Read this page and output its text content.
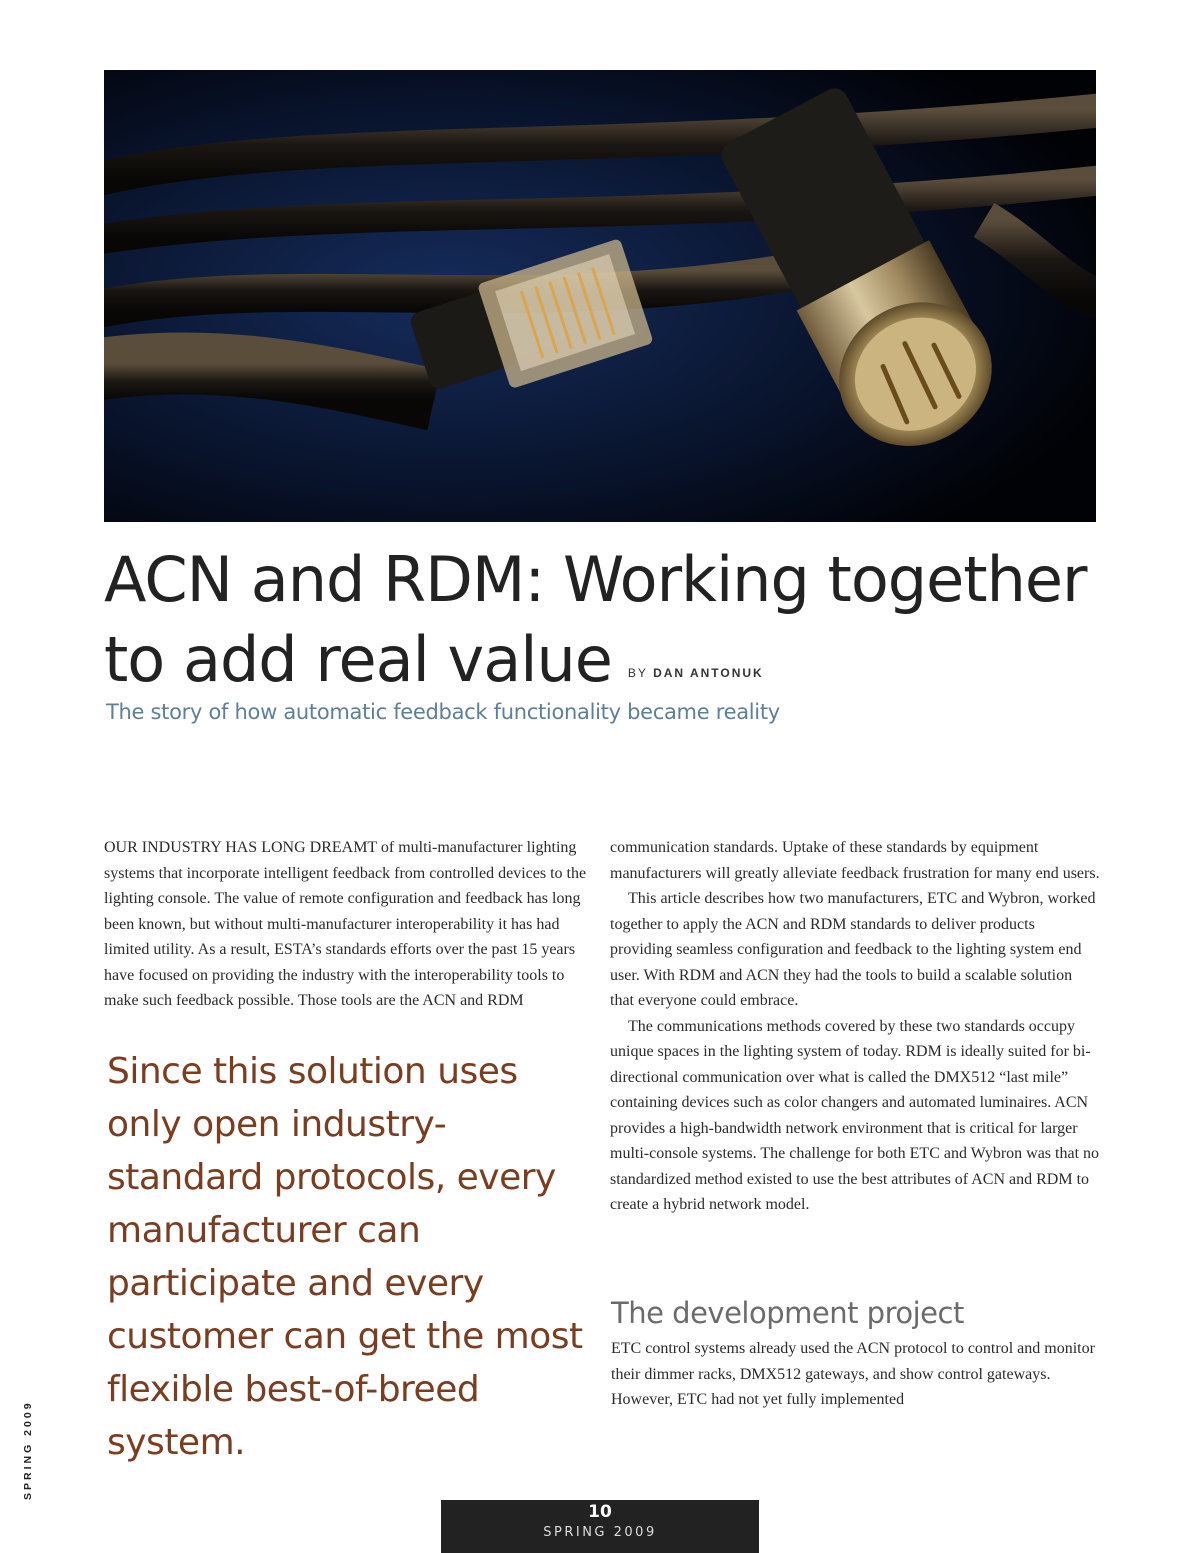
ACN and RDM: Working together
to add real value BY DAN ANTONUK
The story of how automatic feedback functionality became reality

OUR INDUSTRY HAS LONG DREAMT of multi-manufacturer lighting systems that incorporate intelligent feedback from controlled devices to the lighting console. The value of remote configuration and feedback has long been known, but without multi-manufacturer interoperability it has had limited utility. As a result, ESTA’s standards efforts over the past 15 years have focused on providing the industry with the interoperability tools to make such feedback possible. Those tools are the ACN and RDM

Since this solution uses only open industry-standard protocols, every manufacturer can participate and every customer can get the most flexible best-of-breed system.

communication standards. Uptake of these standards by equipment manufacturers will greatly alleviate feedback frustration for many end users.

This article describes how two manufacturers, ETC and Wybron, worked together to apply the ACN and RDM standards to deliver products providing seamless configuration and feedback to the lighting system end user. With RDM and ACN they had the tools to build a scalable solution that everyone could embrace.

The communications methods covered by these two standards occupy unique spaces in the lighting system of today. RDM is ideally suited for bi-directional communication over what is called the DMX512 “last mile” containing devices such as color changers and automated luminaires. ACN provides a high-bandwidth network environment that is critical for larger multi-console systems. The challenge for both ETC and Wybron was that no standardized method existed to use the best attributes of ACN and RDM to create a hybrid network model.

The development project

ETC control systems already used the ACN protocol to control and monitor their dimmer racks, DMX512 gateways, and show control gateways. However, ETC had not yet fully implemented

SPRING 2009
10
SPRING 2009
